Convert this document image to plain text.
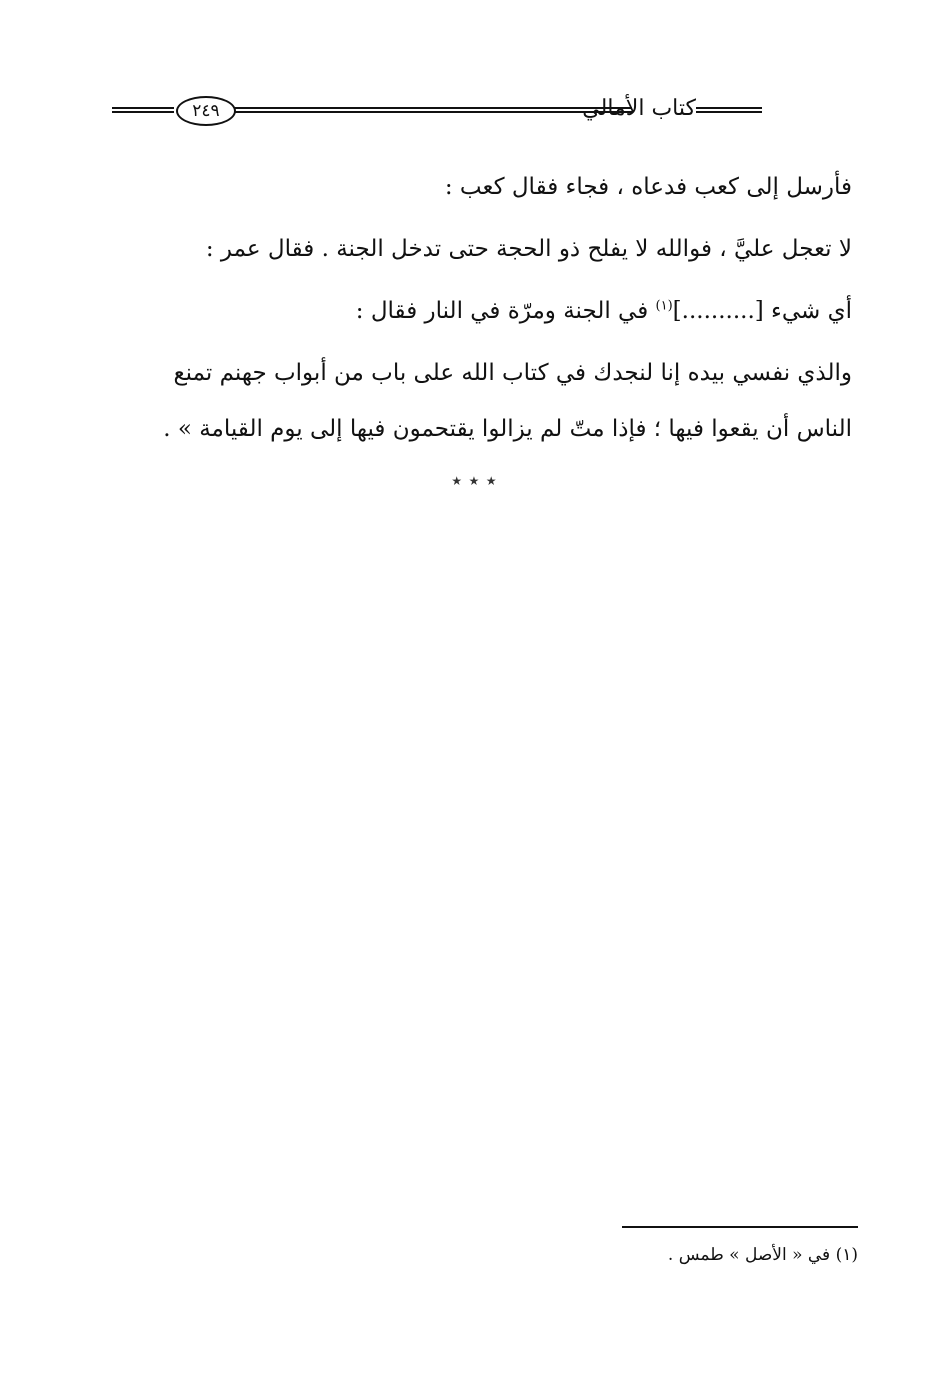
كتاب الأمالي
٢٤٩

فأرسل إلى كعب فدعاه ، فجاء فقال كعب :

لا تعجل عليَّ ، فوالله لا يفلح ذو الحجة حتى تدخل الجنة . فقال عمر :

أي شيء [..........]$^{(١)}$ في الجنة ومرّة في النار فقال :

والذي نفسي بيده إنا لنجدك في كتاب الله على باب من أبواب جهنم تمنع

الناس أن يقعوا فيها ؛ فإذا متّ لم يزالوا يقتحمون فيها إلى يوم القيامة » .

٭ ٭ ٭
(١) في « الأصل » طمس .
